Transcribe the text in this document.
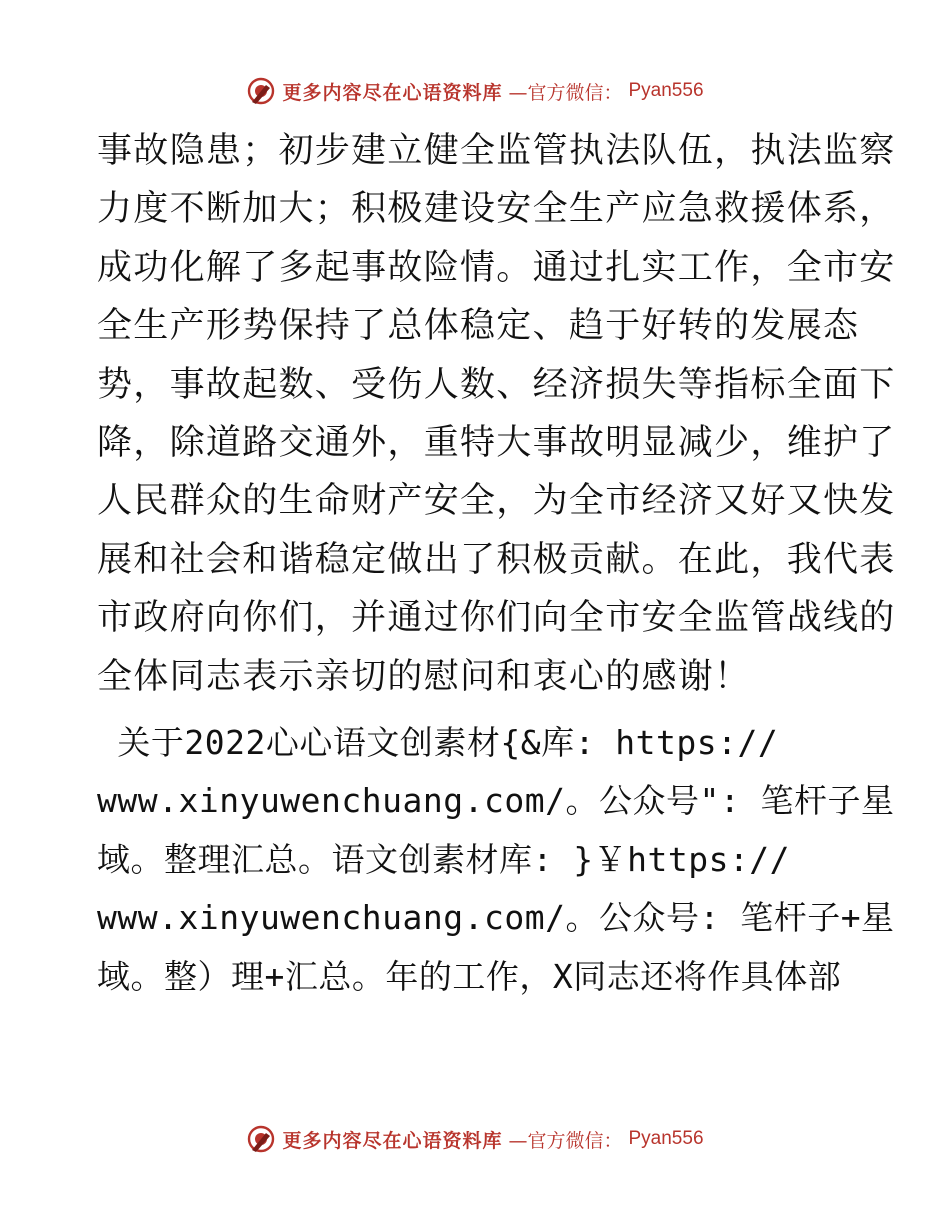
更多内容尽在心语资料库 —官方微信： Pyan556

事故隐患；初步建立健全监管执法队伍，执法监察
力度不断加大；积极建设安全生产应急救援体系，
成功化解了多起事故险情。通过扎实工作，全市安
全生产形势保持了总体稳定、趋于好转的发展态
势，事故起数、受伤人数、经济损失等指标全面下
降，除道路交通外，重特大事故明显减少，维护了
人民群众的生命财产安全，为全市经济又好又快发
展和社会和谐稳定做出了积极贡献。在此，我代表
市政府向你们，并通过你们向全市安全监管战线的
全体同志表示亲切的慰问和衷心的感谢！

关于2022心心语文创素材{&库: https://
www.xinyuwenchuang.com/。公众号": 笔杆子星
域。整理汇总。语文创素材库: }￥https://
www.xinyuwenchuang.com/。公众号: 笔杆子+星
域。整）理+汇总。年的工作，X同志还将作具体部

更多内容尽在心语资料库 —官方微信： Pyan556
